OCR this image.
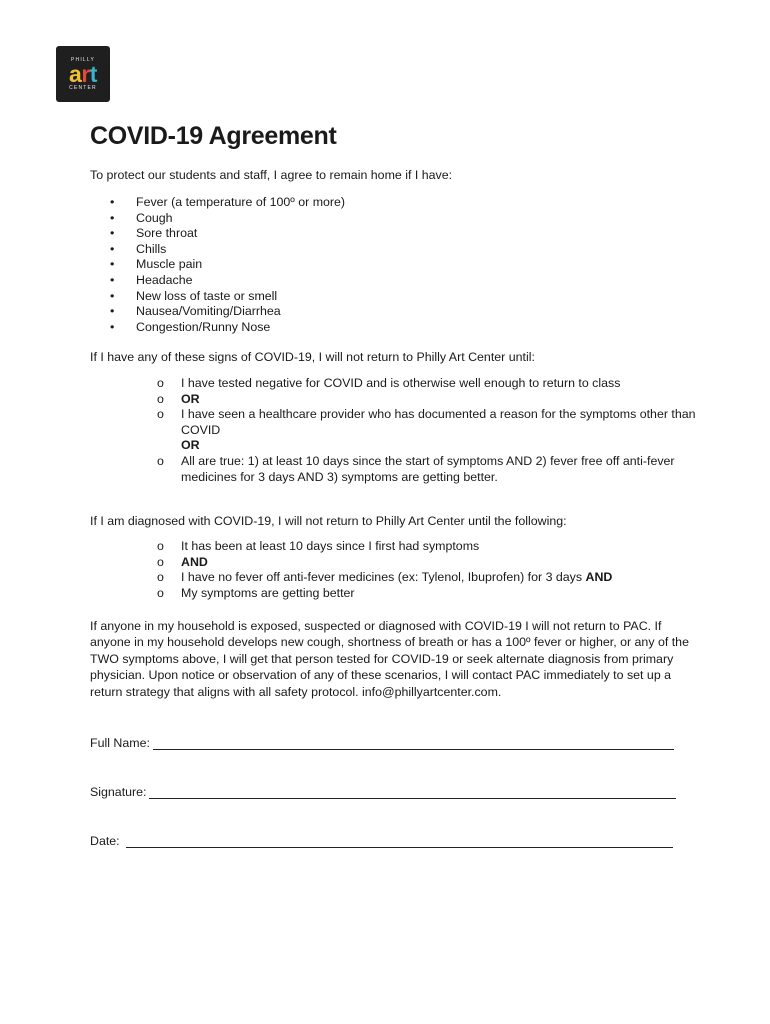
PHILLY
art
CENTER
COVID-19 Agreement

To protect our students and staff, I agree to remain home if I have:

• Fever (a temperature of 100º or more)
• Cough
• Sore throat
• Chills
• Muscle pain
• Headache
• New loss of taste or smell
• Nausea/Vomiting/Diarrhea
• Congestion/Runny Nose

If I have any of these signs of COVID-19, I will not return to Philly Art Center until:

o I have tested negative for COVID and is otherwise well enough to return to class
o OR
o I have seen a healthcare provider who has documented a reason for the symptoms other than COVID
OR
o All are true: 1) at least 10 days since the start of symptoms AND 2) fever free off anti-fever medicines for 3 days AND 3) symptoms are getting better.

If I am diagnosed with COVID-19, I will not return to Philly Art Center until the following:

o It has been at least 10 days since I first had symptoms
o AND
o I have no fever off anti-fever medicines (ex: Tylenol, Ibuprofen) for 3 days AND
o My symptoms are getting better

If anyone in my household is exposed, suspected or diagnosed with COVID-19 I will not return to PAC. If anyone in my household develops new cough, shortness of breath or has a 100º fever or higher, or any of the TWO symptoms above, I will get that person tested for COVID-19 or seek alternate diagnosis from primary physician. Upon notice or observation of any of these scenarios, I will contact PAC immediately to set up a return strategy that aligns with all safety protocol. info@phillyartcenter.com.

Full Name:
Signature:
Date:
